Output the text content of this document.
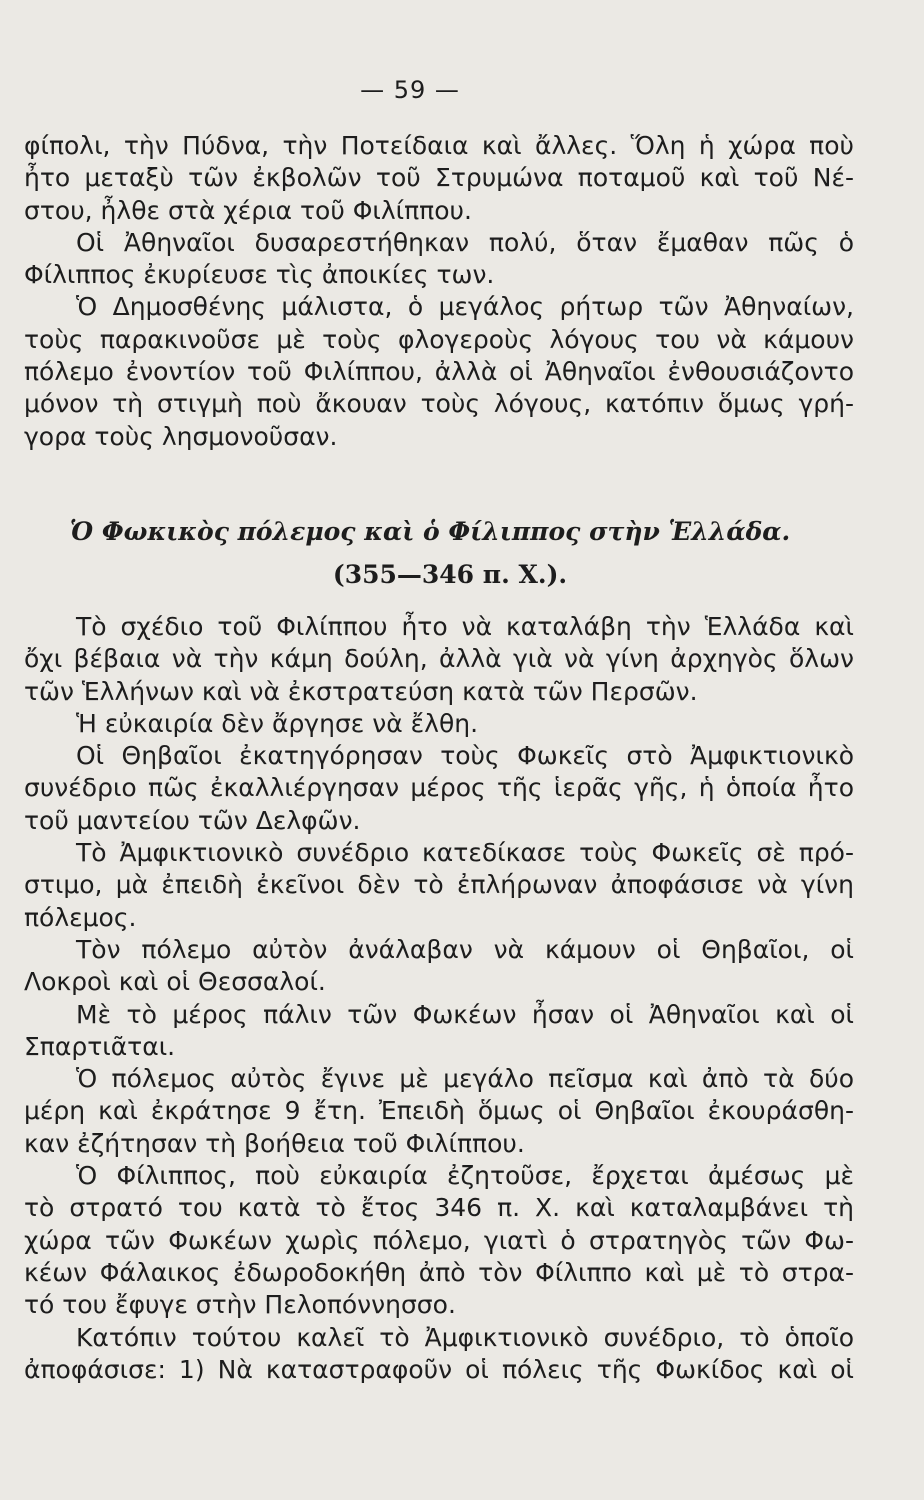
— 59 —
φίπολι, τὴν Πύδνα, τὴν Ποτείδαια καὶ ἄλλες. Ὅλη ἡ χώρα ποὺ
ἦτο μεταξὺ τῶν ἐκβολῶν τοῦ Στρυμώνα ποταμοῦ καὶ τοῦ Νέ-
στου, ἦλθε στὰ χέρια τοῦ Φιλίππου.
Οἱ Ἀθηναῖοι δυσαρεστήθηκαν πολύ, ὅταν ἔμαθαν πῶς ὁ
Φίλιππος ἐκυρίευσε τὶς ἀποικίες των.
Ὁ Δημοσθένης μάλιστα, ὁ μεγάλος ρήτωρ τῶν Ἀθηναίων,
τοὺς παρακινοῦσε μὲ τοὺς φλογεροὺς λόγους του νὰ κάμουν
πόλεμο ἐνοντίον τοῦ Φιλίππου, ἀλλὰ οἱ Ἀθηναῖοι ἐνθουσιάζοντο
μόνον τὴ στιγμὴ ποὺ ἄκουαν τοὺς λόγους, κατόπιν ὅμως γρή-
γορα τοὺς λησμονοῦσαν.
Ὁ Φωκικὸς πόλεμος καὶ ὁ Φίλιππος στὴν Ἑλλάδα.
(355—346 π. Χ.).
Τὸ σχέδιο τοῦ Φιλίππου ἦτο νὰ καταλάβη τὴν Ἑλλάδα καὶ
ὄχι βέβαια νὰ τὴν κάμη δούλη, ἀλλὰ γιὰ νὰ γίνη ἀρχηγὸς ὅλων
τῶν Ἑλλήνων καὶ νὰ ἐκστρατεύση κατὰ τῶν Περσῶν.
Ἡ εὐκαιρία δὲν ἄργησε νὰ ἔλθη.
Οἱ Θηβαῖοι ἐκατηγόρησαν τοὺς Φωκεῖς στὸ Ἀμφικτιονικὸ
συνέδριο πῶς ἐκαλλιέργησαν μέρος τῆς ἱερᾶς γῆς, ἡ ὁποία ἦτο
τοῦ μαντείου τῶν Δελφῶν.
Τὸ Ἀμφικτιονικὸ συνέδριο κατεδίκασε τοὺς Φωκεῖς σὲ πρό-
στιμο, μὰ ἐπειδὴ ἐκεῖνοι δὲν τὸ ἐπλήρωναν ἀποφάσισε νὰ γίνη
πόλεμος.
Τὸν πόλεμο αὐτὸν ἀνάλαβαν νὰ κάμουν οἱ Θηβαῖοι, οἱ
Λοκροὶ καὶ οἱ Θεσσαλοί.
Μὲ τὸ μέρος πάλιν τῶν Φωκέων ἦσαν οἱ Ἀθηναῖοι καὶ οἱ
Σπαρτιᾶται.
Ὁ πόλεμος αὐτὸς ἔγινε μὲ μεγάλο πεῖσμα καὶ ἀπὸ τὰ δύο
μέρη καὶ ἐκράτησε 9 ἔτη. Ἐπειδὴ ὅμως οἱ Θηβαῖοι ἐκουράσθη-
καν ἐζήτησαν τὴ βοήθεια τοῦ Φιλίππου.
Ὁ Φίλιππος, ποὺ εὐκαιρία ἐζητοῦσε, ἔρχεται ἀμέσως μὲ
τὸ στρατό του κατὰ τὸ ἔτος 346 π. Χ. καὶ καταλαμβάνει τὴ
χώρα τῶν Φωκέων χωρὶς πόλεμο, γιατὶ ὁ στρατηγὸς τῶν Φω-
κέων Φάλαικος ἐδωροδοκήθη ἀπὸ τὸν Φίλιππο καὶ μὲ τὸ στρα-
τό του ἔφυγε στὴν Πελοπόννησσο.
Κατόπιν τούτου καλεῖ τὸ Ἀμφικτιονικὸ συνέδριο, τὸ ὁποῖο
ἀποφάσισε: 1) Νὰ καταστραφοῦν οἱ πόλεις τῆς Φωκίδος καὶ οἱ
